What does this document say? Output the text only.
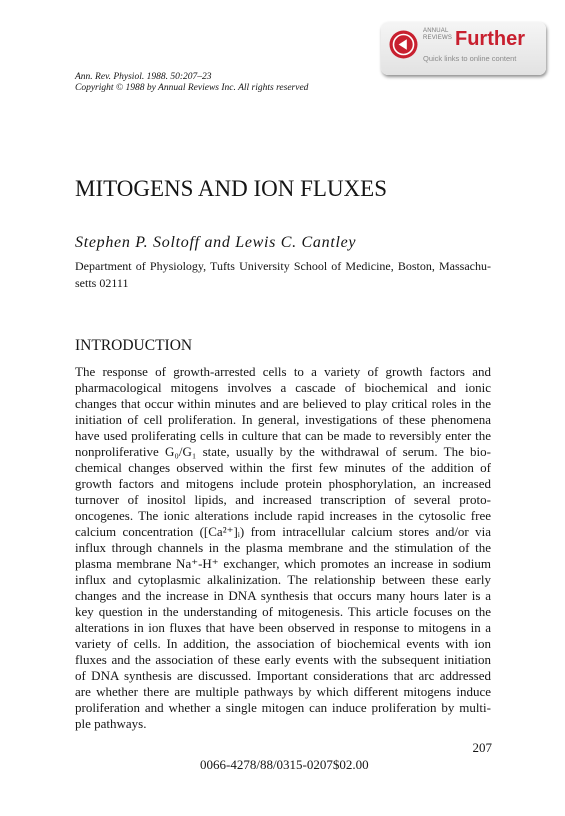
ANNUAL
REVIEWS Further
Quick links to online content
Ann. Rev. Physiol. 1988. 50:207–23
Copyright © 1988 by Annual Reviews Inc. All rights reserved
MITOGENS AND ION FLUXES
Stephen P. Soltoff and Lewis C. Cantley
Department of Physiology, Tufts University School of Medicine, Boston, Massachu-
setts 02111
INTRODUCTION
The response of growth-arrested cells to a variety of growth factors and
pharmacological mitogens involves a cascade of biochemical and ionic
changes that occur within minutes and are believed to play critical roles in the
initiation of cell proliferation. In general, investigations of these phenomena
have used proliferating cells in culture that can be made to reversibly enter the
nonproliferative G₀/G₁ state, usually by the withdrawal of serum. The bio-
chemical changes observed within the first few minutes of the addition of
growth factors and mitogens include protein phosphorylation, an increased
turnover of inositol lipids, and increased transcription of several proto-
oncogenes. The ionic alterations include rapid increases in the cytosolic free
calcium concentration ([Ca²⁺]ᵢ) from intracellular calcium stores and/or via
influx through channels in the plasma membrane and the stimulation of the
plasma membrane Na⁺-H⁺ exchanger, which promotes an increase in sodium
influx and cytoplasmic alkalinization. The relationship between these early
changes and the increase in DNA synthesis that occurs many hours later is a
key question in the understanding of mitogenesis. This article focuses on the
alterations in ion fluxes that have been observed in response to mitogens in a
variety of cells. In addition, the association of biochemical events with ion
fluxes and the association of these early events with the subsequent initiation
of DNA synthesis are discussed. Important considerations that arc addressed
are whether there are multiple pathways by which different mitogens induce
proliferation and whether a single mitogen can induce proliferation by multi-
ple pathways.
207
0066-4278/88/0315-0207$02.00
